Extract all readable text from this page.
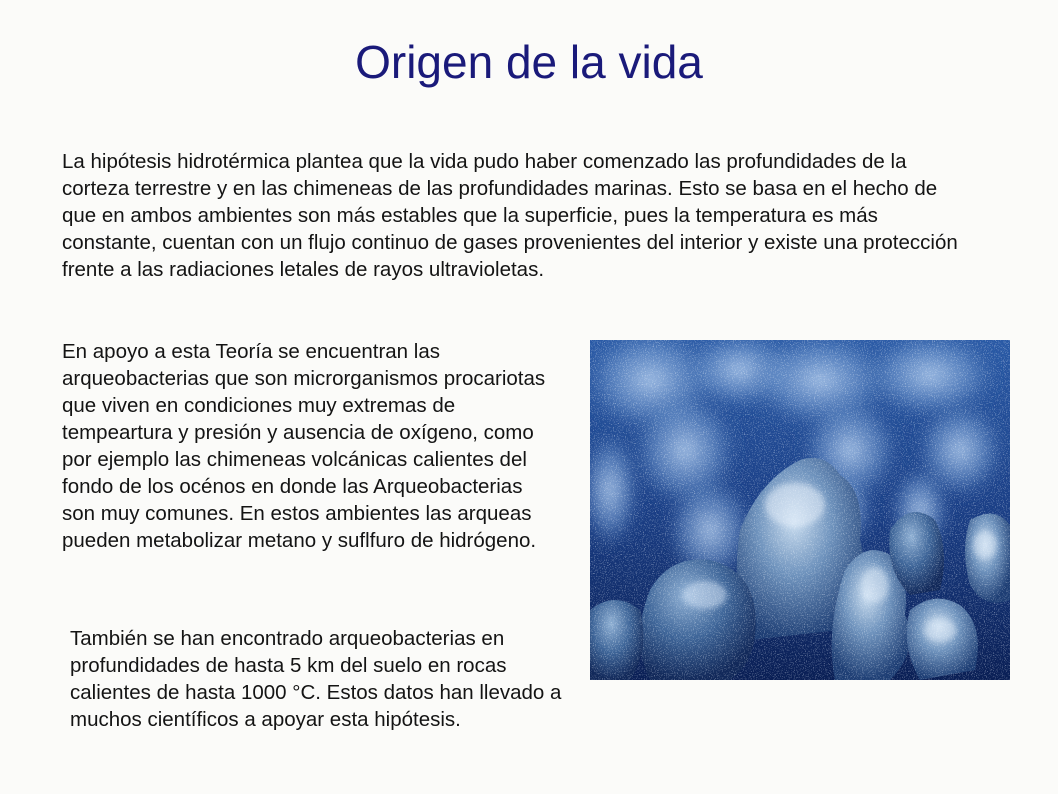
Origen de la vida

La hipótesis hidrotérmica plantea que la vida pudo haber comenzado las profundidades de la corteza terrestre y en las chimeneas de las profundidades marinas. Esto se basa en el hecho de que en ambos ambientes son más estables que la superficie, pues la temperatura es más constante, cuentan con un flujo continuo de gases provenientes del interior y existe una protección frente a las radiaciones letales de rayos ultravioletas.

En apoyo a esta Teoría se encuentran las arqueobacterias que son microrganismos procariotas que viven en condiciones muy extremas de tempeartura y presión y ausencia de oxígeno, como por ejemplo las chimeneas volcánicas calientes del fondo de los océnos en donde las Arqueobacterias son muy comunes. En estos ambientes las arqueas pueden metabolizar metano y suflfuro de hidrógeno.

También se han encontrado arqueobacterias en profundidades de hasta 5 km del suelo en rocas calientes de hasta 1000 °C. Estos datos han llevado a muchos científicos a apoyar esta hipótesis.
